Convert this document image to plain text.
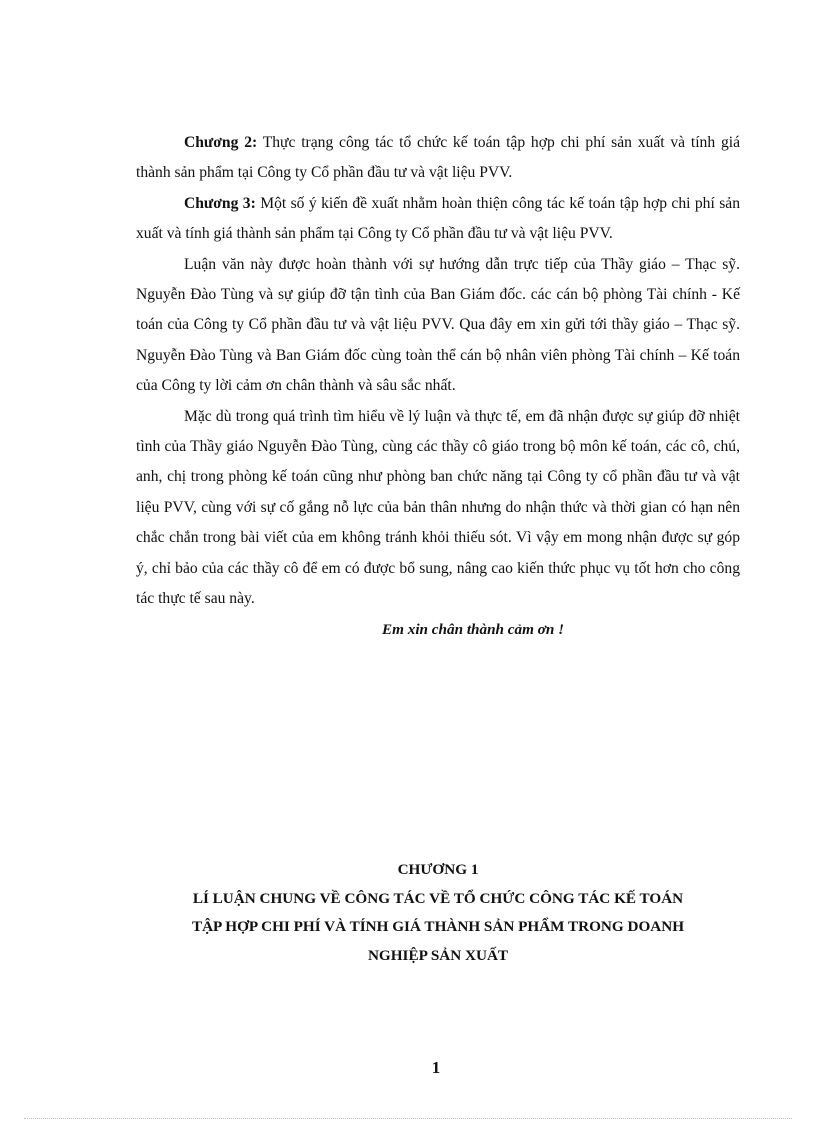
Chương 2: Thực trạng công tác tổ chức kế toán tập hợp chi phí sản xuất và tính giá thành sản phẩm tại Công ty Cổ phần đầu tư và vật liệu PVV.

Chương 3: Một số ý kiến đề xuất nhằm hoàn thiện công tác kế toán tập hợp chi phí sản xuất và tính giá thành sản phẩm tại Công ty Cổ phần đầu tư và vật liệu PVV.

Luận văn này được hoàn thành với sự hướng dẫn trực tiếp của Thầy giáo – Thạc sỹ. Nguyễn Đào Tùng và sự giúp đỡ tận tình của Ban Giám đốc. các cán bộ phòng Tài chính - Kế toán của Công ty Cổ phần đầu tư và vật liệu PVV. Qua đây em xin gửi tới thầy giáo – Thạc sỹ. Nguyễn Đào Tùng và Ban Giám đốc cùng toàn thể cán bộ nhân viên phòng Tài chính – Kế toán của Công ty lời cảm ơn chân thành và sâu sắc nhất.

Mặc dù trong quá trình tìm hiểu về lý luận và thực tế, em đã nhận được sự giúp đỡ nhiệt tình của Thầy giáo Nguyễn Đào Tùng, cùng các thầy cô giáo trong bộ môn kế toán, các cô, chú, anh, chị trong phòng kế toán cũng như phòng ban chức năng tại Công ty cổ phần đầu tư và vật liệu PVV, cùng với sự cố gắng nỗ lực của bản thân nhưng do nhận thức và thời gian có hạn nên chắc chắn trong bài viết của em không tránh khỏi thiếu sót. Vì vậy em mong nhận được sự góp ý, chỉ bảo của các thầy cô để em có được bổ sung, nâng cao kiến thức phục vụ tốt hơn cho công tác thực tế sau này.

Em xin chân thành cảm ơn !

CHƯƠNG 1
LÍ LUẬN CHUNG VỀ CÔNG TÁC VỀ TỔ CHỨC CÔNG TÁC KẾ TOÁN
TẬP HỢP CHI PHÍ VÀ TÍNH GIÁ THÀNH SẢN PHẨM TRONG DOANH
NGHIỆP SẢN XUẤT
1
